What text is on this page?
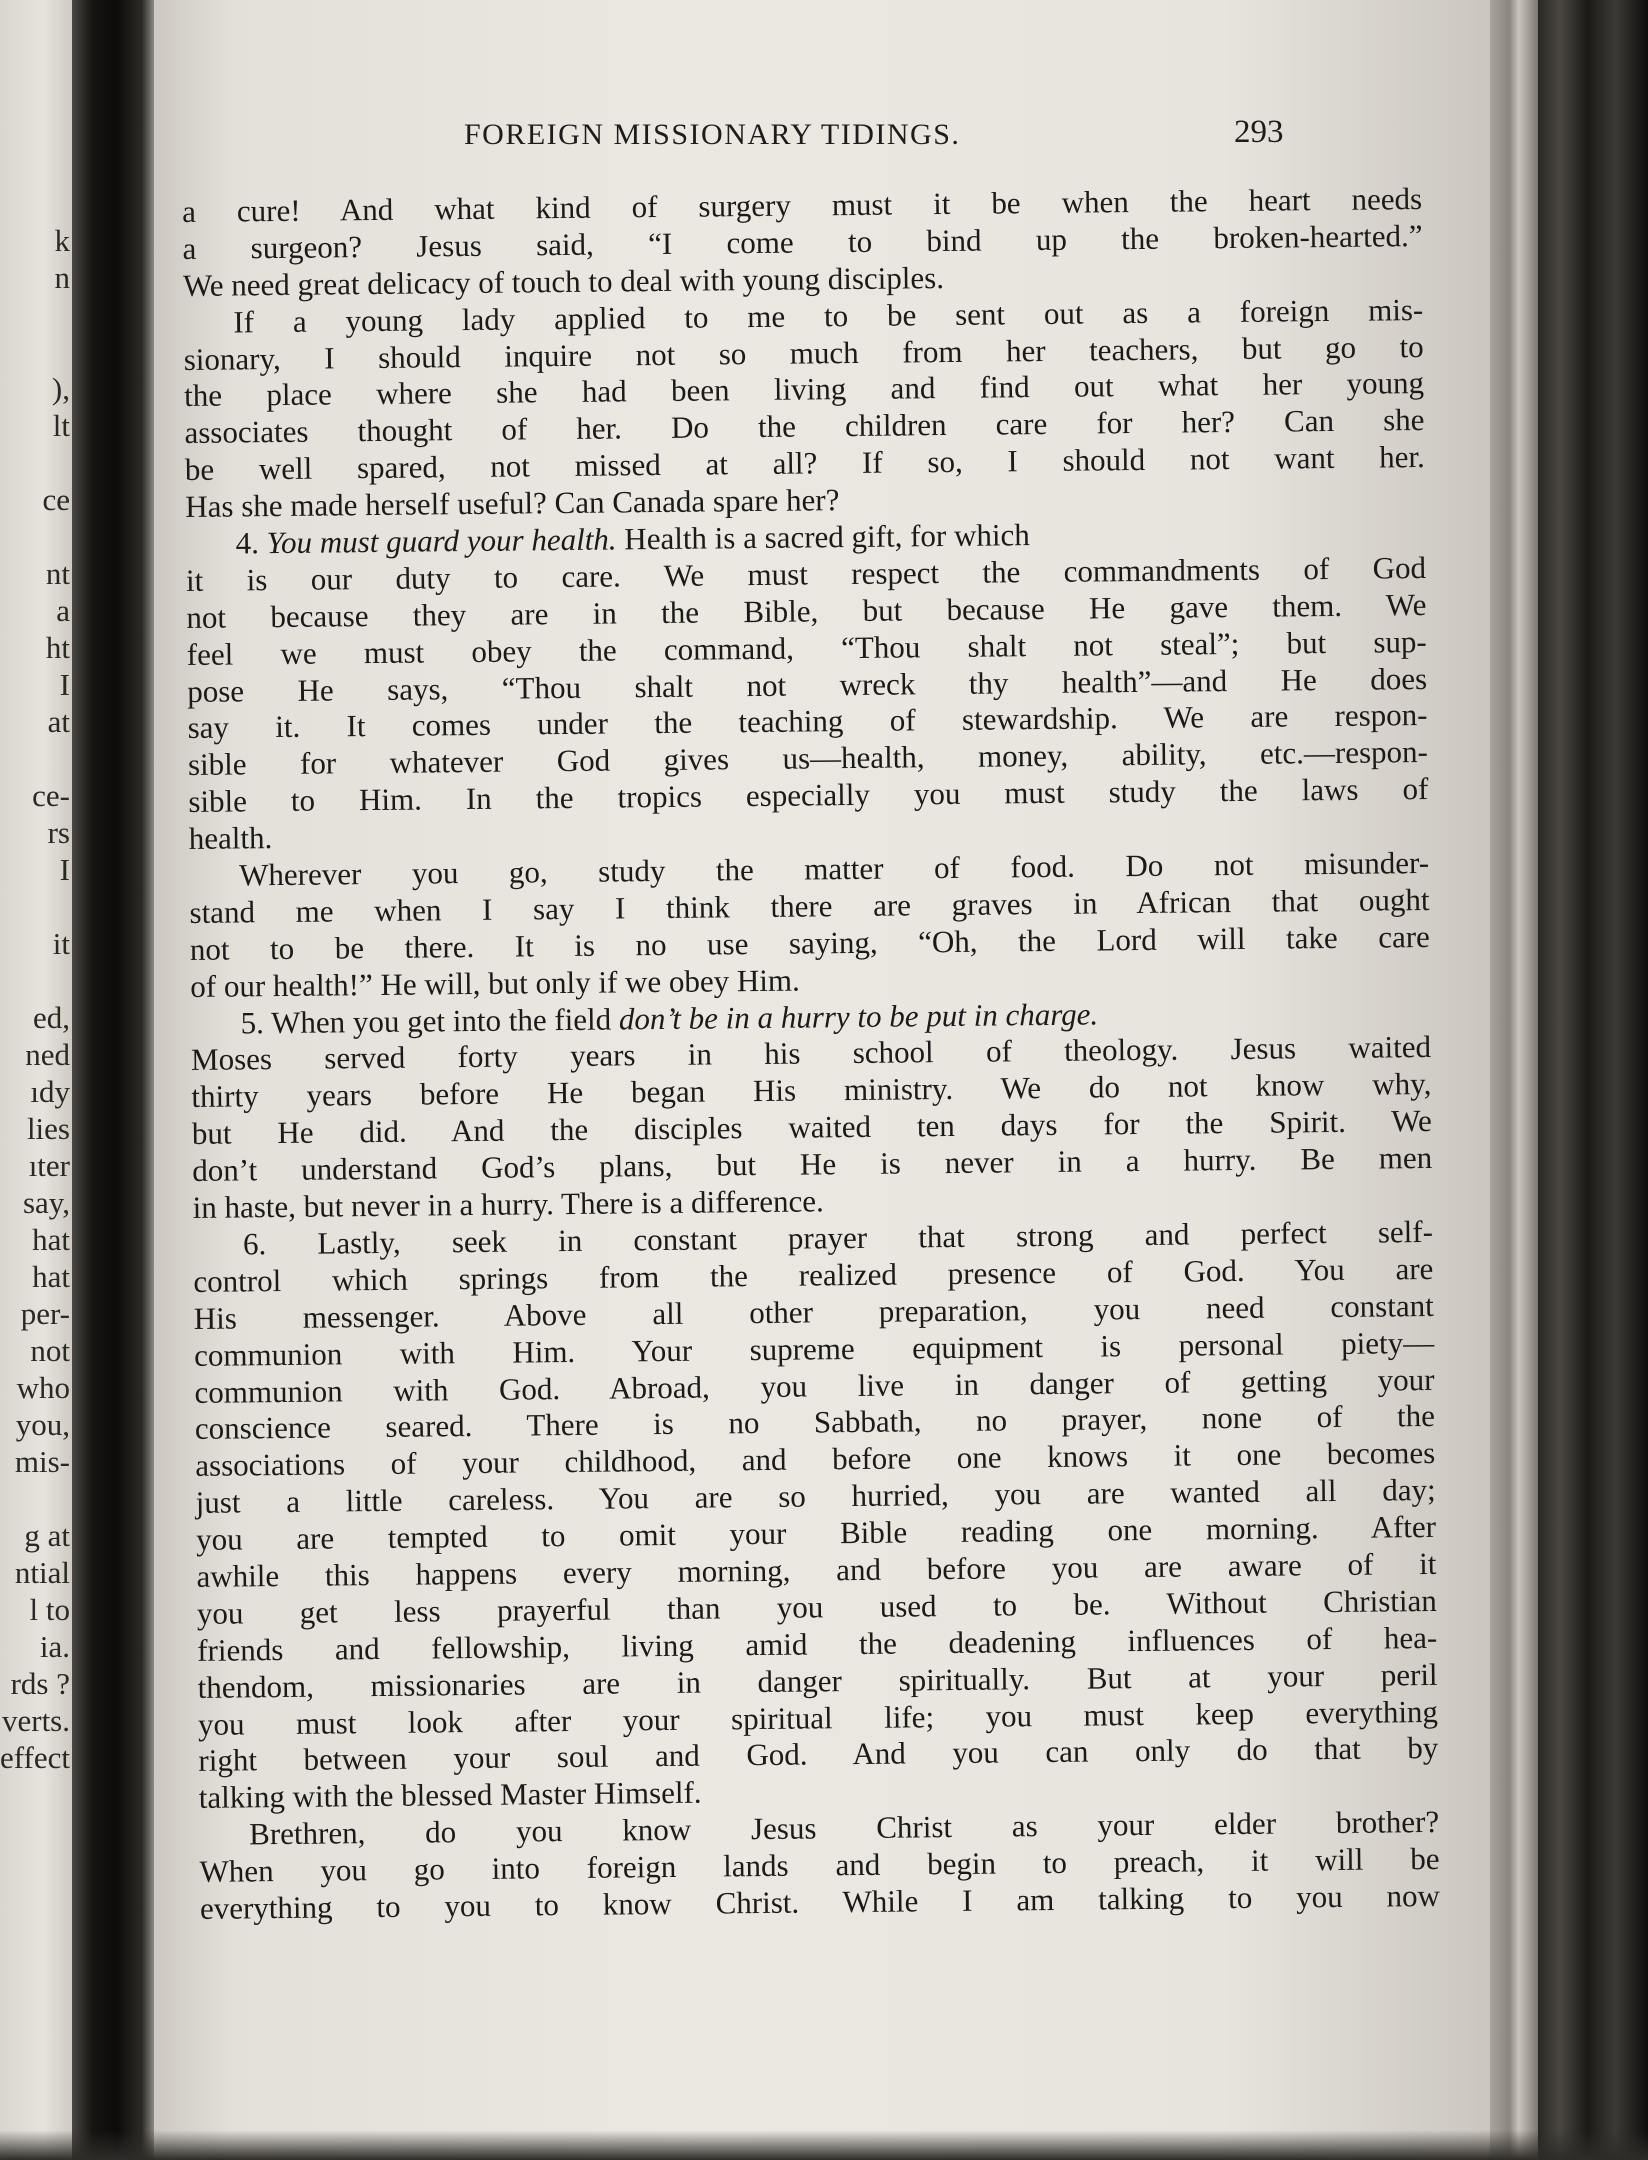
k
n
),
lt
ce
nt
a
ht
I
at
ce-
rs
I
it
ed,
ned
ıdy
lies
ıter
say,
hat
hat
per-
not
who
you,
mis-
g at
ntial
l to
ia.
rds ?
verts.
effect
FOREIGN MISSIONARY TIDINGS.	293
a cure! And what kind of surgery must it be when the heart needs
a surgeon? Jesus said, “I come to bind up the broken-hearted.”
We need great delicacy of touch to deal with young disciples.
If a young lady applied to me to be sent out as a foreign mis-
sionary, I should inquire not so much from her teachers, but go to
the place where she had been living and find out what her young
associates thought of her. Do the children care for her? Can she
be well spared, not missed at all? If so, I should not want her.
Has she made herself useful? Can Canada spare her?
4. You must guard your health. Health is a sacred gift, for which
it is our duty to care. We must respect the commandments of God
not because they are in the Bible, but because He gave them. We
feel we must obey the command, “Thou shalt not steal”; but sup-
pose He says, “Thou shalt not wreck thy health”—and He does
say it. It comes under the teaching of stewardship. We are respon-
sible for whatever God gives us—health, money, ability, etc.—respon-
sible to Him. In the tropics especially you must study the laws of
health.
Wherever you go, study the matter of food. Do not misunder-
stand me when I say I think there are graves in African that ought
not to be there. It is no use saying, “Oh, the Lord will take care
of our health!” He will, but only if we obey Him.
5. When you get into the field don’t be in a hurry to be put in charge.
Moses served forty years in his school of theology. Jesus waited
thirty years before He began His ministry. We do not know why,
but He did. And the disciples waited ten days for the Spirit. We
don’t understand God’s plans, but He is never in a hurry. Be men
in haste, but never in a hurry. There is a difference.
6. Lastly, seek in constant prayer that strong and perfect self-
control which springs from the realized presence of God. You are
His messenger. Above all other preparation, you need constant
communion with Him. Your supreme equipment is personal piety—
communion with God. Abroad, you live in danger of getting your
conscience seared. There is no Sabbath, no prayer, none of the
associations of your childhood, and before one knows it one becomes
just a little careless. You are so hurried, you are wanted all day;
you are tempted to omit your Bible reading one morning. After
awhile this happens every morning, and before you are aware of it
you get less prayerful than you used to be. Without Christian
friends and fellowship, living amid the deadening influences of hea-
thendom, missionaries are in danger spiritually. But at your peril
you must look after your spiritual life; you must keep everything
right between your soul and God. And you can only do that by
talking with the blessed Master Himself.
Brethren, do you know Jesus Christ as your elder brother?
When you go into foreign lands and begin to preach, it will be
everything to you to know Christ. While I am talking to you now
